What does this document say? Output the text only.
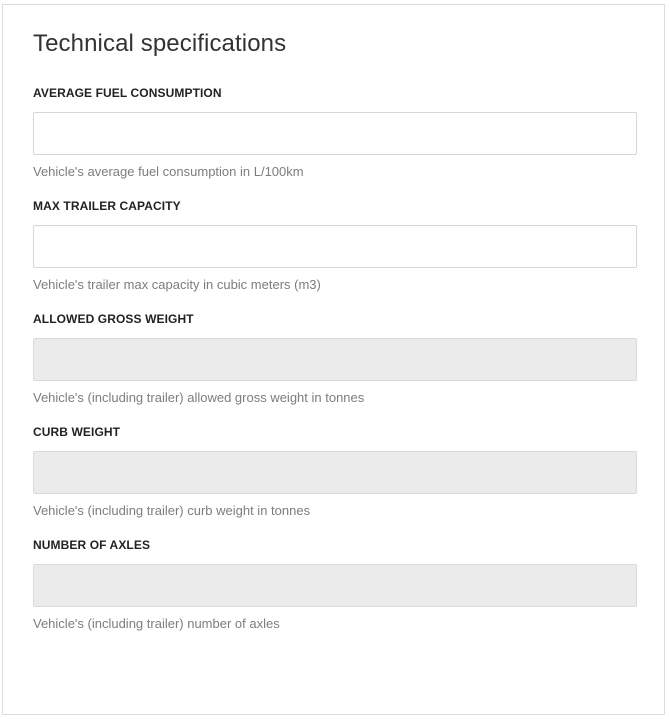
Technical specifications
AVERAGE FUEL CONSUMPTION
Vehicle's average fuel consumption in L/100km
MAX TRAILER CAPACITY
Vehicle's trailer max capacity in cubic meters (m3)
ALLOWED GROSS WEIGHT
Vehicle's (including trailer) allowed gross weight in tonnes
CURB WEIGHT
Vehicle's (including trailer) curb weight in tonnes
NUMBER OF AXLES
Vehicle's (including trailer) number of axles
